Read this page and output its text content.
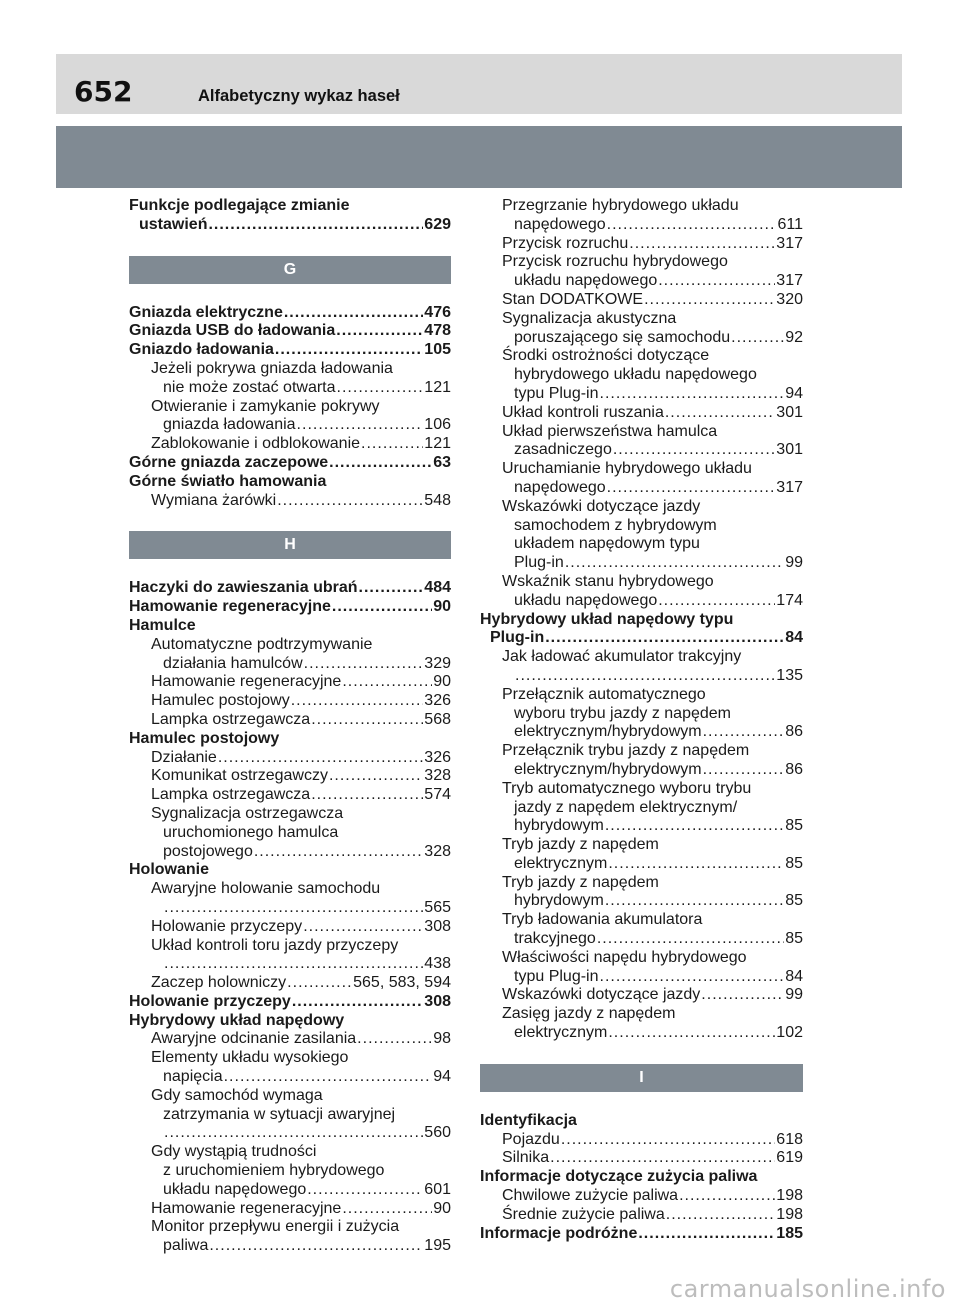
652	Alfabetyczny wykaz haseł
Funkcje podlegające zmianie
ustawień .....	629
G
Gniazda elektryczne .....	476
Gniazda USB do ładowania .....	478
Gniazdo ładowania .....	105
Jeżeli pokrywa gniazda ładowania
nie może zostać otwarta .....	121
Otwieranie i zamykanie pokrywy
gniazda ładowania .....	106
Zablokowanie i odblokowanie .....	121
Górne gniazda zaczepowe .....	63
Górne światło hamowania
Wymiana żarówki .....	548
H
Haczyki do zawieszania ubrań .....	484
Hamowanie regeneracyjne .....	90
Hamulce
Automatyczne podtrzymywanie
działania hamulców .....	329
Hamowanie regeneracyjne .....	90
Hamulec postojowy .....	326
Lampka ostrzegawcza .....	568
Hamulec postojowy
Działanie .....	326
Komunikat ostrzegawczy .....	328
Lampka ostrzegawcza .....	574
Sygnalizacja ostrzegawcza
uruchomionego hamulca
postojowego .....	328
Holowanie
Awaryjne holowanie samochodu
.....
565
Holowanie przyczepy .....	308
Układ kontroli toru jazdy przyczepy
.....
438
Zaczep holowniczy .....	565, 583, 594
Holowanie przyczepy .....	308
Hybrydowy układ napędowy
Awaryjne odcinanie zasilania .....	98
Elementy układu wysokiego
napięcia .....	94
Gdy samochód wymaga
zatrzymania w sytuacji awaryjnej
.....
560
Gdy wystąpią trudności
z uruchomieniem hybrydowego
układu napędowego .....	601
Hamowanie regeneracyjne .....	90
Monitor przepływu energii i zużycia
paliwa .....	195
Przegrzanie hybrydowego układu
napędowego .....	611
Przycisk rozruchu .....	317
Przycisk rozruchu hybrydowego
układu napędowego .....	317
Stan DODATKOWE .....	320
Sygnalizacja akustyczna
poruszającego się samochodu .....	92
Środki ostrożności dotyczące
hybrydowego układu napędowego
typu Plug-in .....	94
Układ kontroli ruszania .....	301
Układ pierwszeństwa hamulca
zasadniczego .....	301
Uruchamianie hybrydowego układu
napędowego .....	317
Wskazówki dotyczące jazdy
samochodem z hybrydowym
układem napędowym typu
Plug-in .....	99
Wskaźnik stanu hybrydowego
układu napędowego .....	174
Hybrydowy układ napędowy typu
Plug-in .....	84
Jak ładować akumulator trakcyjny
.....
135
Przełącznik automatycznego
wyboru trybu jazdy z napędem
elektrycznym/hybrydowym .....	86
Przełącznik trybu jazdy z napędem
elektrycznym/hybrydowym .....	86
Tryb automatycznego wyboru trybu
jazdy z napędem elektrycznym/
hybrydowym .....	85
Tryb jazdy z napędem
elektrycznym .....	85
Tryb jazdy z napędem
hybrydowym .....	85
Tryb ładowania akumulatora
trakcyjnego .....	85
Właściwości napędu hybrydowego
typu Plug-in .....	84
Wskazówki dotyczące jazdy .....	99
Zasięg jazdy z napędem
elektrycznym .....	102
I
Identyfikacja
Pojazdu .....	618
Silnika .....	619
Informacje dotyczące zużycia paliwa
Chwilowe zużycie paliwa .....	198
Średnie zużycie paliwa .....	198
Informacje podróżne .....	185
carmanualsonline.info
